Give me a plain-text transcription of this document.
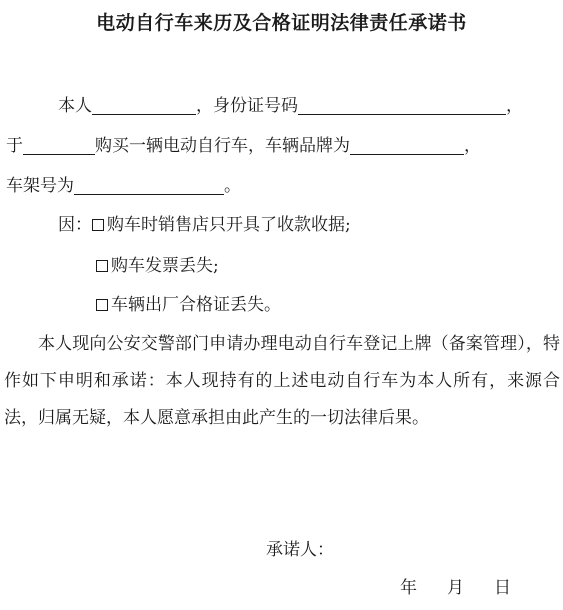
电动自行车来历及合格证明法律责任承诺书
本人	，身份证号码	，
于	购买一辆电动自行车，车辆品牌为	，
车架号为	。
因： 购车时销售店只开具了收款收据;
购车发票丢失;
车辆出厂合格证丢失。
本人现向公安交警部门申请办理电动自行车登记上牌（备案管理），特作如下申明和承诺：本人现持有的上述电动自行车为本人所有，来源合法，归属无疑，本人愿意承担由此产生的一切法律后果。
承诺人：
年 月 日
